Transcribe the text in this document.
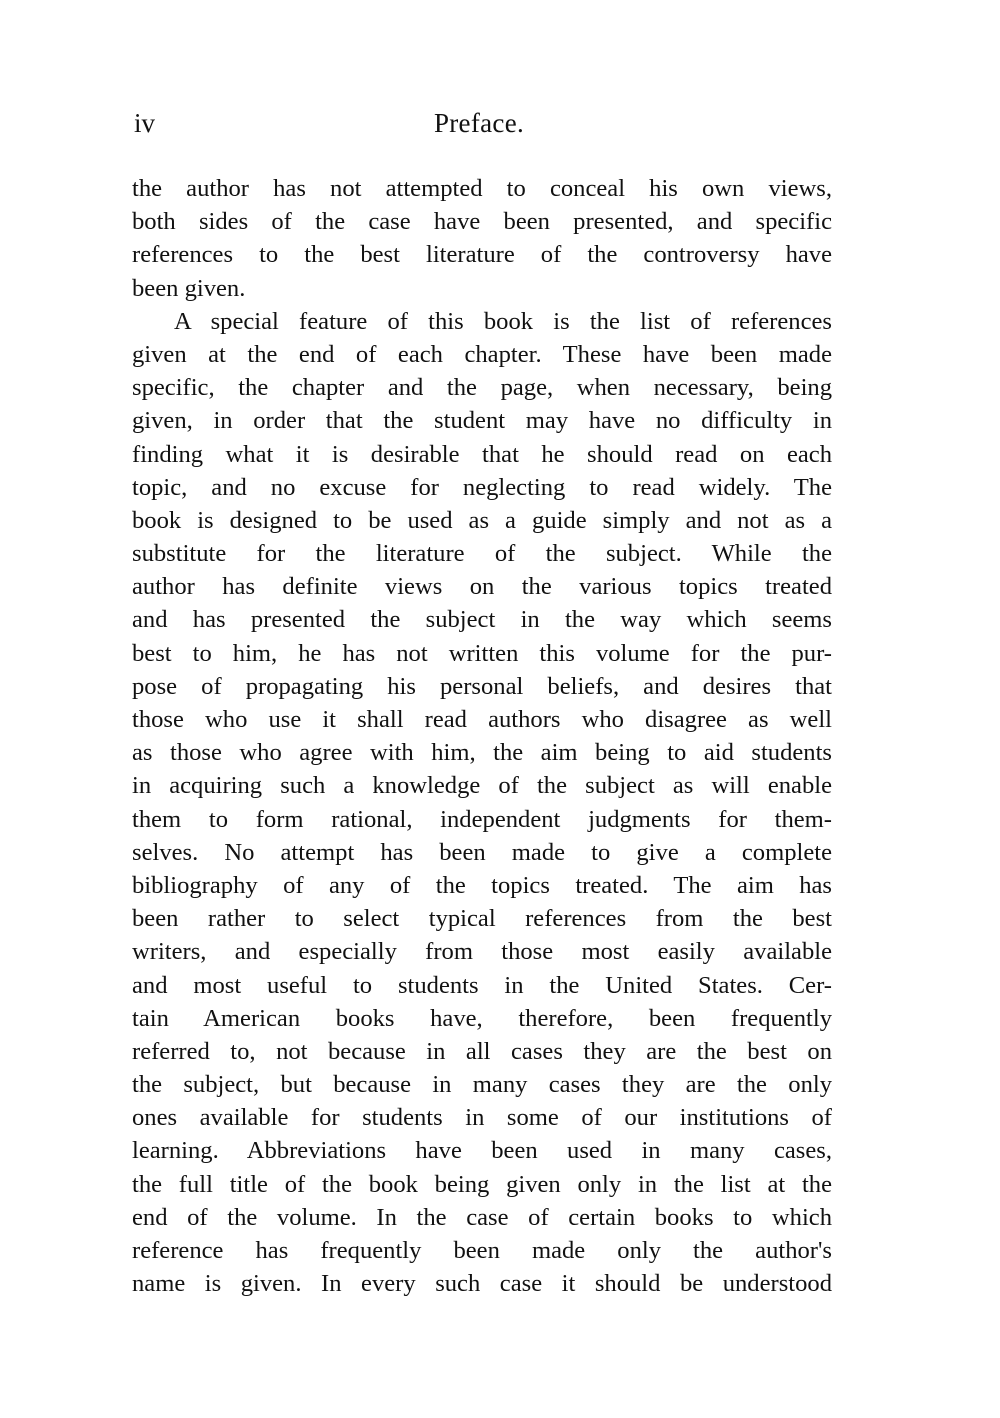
iv	Preface.
the author has not attempted to conceal his own views,
both sides of the case have been presented, and specific
references to the best literature of the controversy have
been given.
A special feature of this book is the list of references
given at the end of each chapter. These have been made
specific, the chapter and the page, when necessary, being
given, in order that the student may have no difficulty in
finding what it is desirable that he should read on each
topic, and no excuse for neglecting to read widely. The
book is designed to be used as a guide simply and not as a
substitute for the literature of the subject. While the
author has definite views on the various topics treated
and has presented the subject in the way which seems
best to him, he has not written this volume for the pur-
pose of propagating his personal beliefs, and desires that
those who use it shall read authors who disagree as well
as those who agree with him, the aim being to aid students
in acquiring such a knowledge of the subject as will enable
them to form rational, independent judgments for them-
selves. No attempt has been made to give a complete
bibliography of any of the topics treated. The aim has
been rather to select typical references from the best
writers, and especially from those most easily available
and most useful to students in the United States. Cer-
tain American books have, therefore, been frequently
referred to, not because in all cases they are the best on
the subject, but because in many cases they are the only
ones available for students in some of our institutions of
learning. Abbreviations have been used in many cases,
the full title of the book being given only in the list at the
end of the volume. In the case of certain books to which
reference has frequently been made only the author's
name is given. In every such case it should be understood
